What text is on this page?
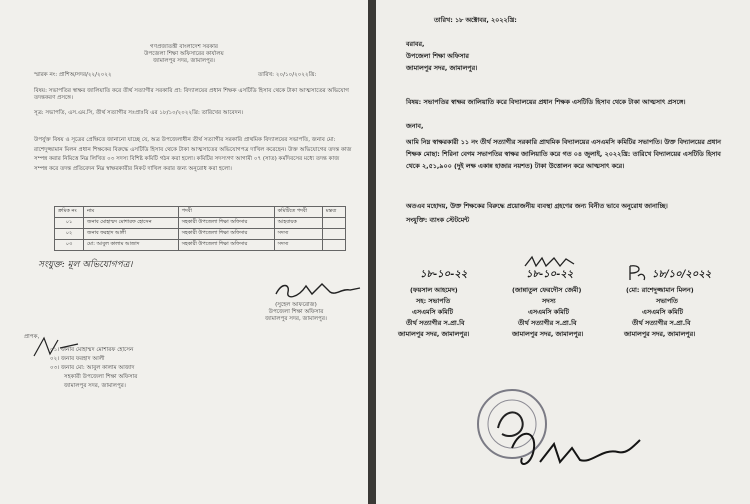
গণপ্রজাতন্ত্রী বাংলাদেশ সরকার
উপজেলা শিক্ষা অফিসারের কার্যালয়
জামালপুর সদর, জামালপুর।
স্মারক নং: প্রাশিঅ/সদর/২২/২০২২	তারিখ: ২০/১০/২০২২খ্রি:
বিষয়: সভাপতির স্বাক্ষর জালিয়াতি করে তীর্থ সত্যাগীর সরকারি প্রা: বিদ্যালয়ের প্রধান শিক্ষক এসটিডি হিসাব থেকে টাকা আত্মসাতের অভিযোগ তদন্তকরণ প্রসঙ্গে।
সূত্র: সভাপতি, এস.এম.সি, তীর্থ সত্যাগীর সঃপ্রাঃবি এর ১৮/১০/২০২২খ্রি: তারিখের আবেদন।
উপর্যুক্ত বিষয় ও সূত্রের প্রেক্ষিতে জানানো যাচ্ছে যে, অত্র উপজেলাধীন তীর্থ সত্যাগীর সরকারি প্রাথমিক বিদ্যালয়ের সভাপতি, জনাব মো: রাশেদুজ্জামান মিলন প্রধান শিক্ষকের বিরুদ্ধে এসটিডি হিসাব থেকে টাকা আত্মসাতের অভিযোগপত্র দাখিল করেছেন। উক্ত অভিযোগের তদন্ত কাজ সম্পন্ন করার নিমিত্তে নিম্ন লিখিত ০৩ সদস্য বিশিষ্ট কমিটি গঠন করা হলো। কমিটির সদস্যগণ আগামী ০৭ (সাত) কর্মদিবসের মধ্যে তদন্ত কাজ সম্পন্ন করে তদন্ত প্রতিবেদন নিম্ন স্বাক্ষরকারীর নিকট দাখিল করার জন্য অনুরোধ করা হলো।
ক্রমিক নং	নাম	পদবী	কমিটিতে পদবী	মন্তব্য
০১	জনাব মোহাম্মদ মোশারফ হোসেন	সহকারী উপজেলা শিক্ষা অফিসার	আহবায়ক	
০২	জনাব ফরহাদ আলী	সহকারী উপজেলা শিক্ষা অফিসার	সদস্য	
০৩	মো: আবুল কালাম আজাদ	সহকারী উপজেলা শিক্ষা অফিসার	সদস্য	
সংযুক্ত: মূল অভিযোগপত্র।
(সুহেল আফরোজ)
উপজেলা শিক্ষা অফিসার
জামালপুর সদর, জামালপুর।
প্রাপক,
০১। জনাব মোহাম্মদ মোশারফ হোসেন
০২। জনাব ফরহাদ আলী
০৩। জনাব মো: আবুল কালাম আজাদ
সহকারী উপজেলা শিক্ষা অফিসার
জামালপুর সদর, জামালপুর।
তারিখ: ১৮ অক্টোবর, ২০২২খ্রি:
বরাবর,
উপজেলা শিক্ষা অফিসার
জামালপুর সদর, জামালপুর।
বিষয়: সভাপতির স্বাক্ষর জালিয়াতি করে বিদ্যালয়ের প্রধান শিক্ষক এসটিডি হিসাব থেকে টাকা আত্মসাৎ প্রসঙ্গে।
জনাব,
আমি নিম্ন স্বাক্ষরকারী ১১ নং তীর্থ সত্যাগীর সরকারি প্রাথমিক বিদ্যালয়ের এসএমসি কমিটির সভাপতি। উক্ত বিদ্যালয়ের প্রধান শিক্ষক মোছা: শিরিনা বেগম সভাপতির স্বাক্ষর জালিয়াতি করে গত ০৪ জুলাই, ২০২২খ্রি: তারিখে বিদ্যালয়ের এসটিডি হিসাব থেকে ২,৫১,৯০০ (দুই লক্ষ একান্ন হাজার নয়শত) টাকা উত্তোলন করে আত্মসাৎ করে।
অতএব মহোদয়, উক্ত শিক্ষকের বিরুদ্ধে প্রয়োজনীয় ব্যবস্থা গ্রহণের জন্য বিনীত ভাবে অনুরোধ জানাচ্ছি।
সংযুক্তি: ব্যাংক স্টেটমেন্ট
১৮-১০-২২
(ফয়সাল আহমেদ)
সহ: সভাপতি
এসএমসি কমিটি
তীর্থ সত্যাগীর স.প্রা.বি
জামালপুর সদর, জামালপুর।
১৮-১০-২২
(জান্নাতুল ফেরদৌস জেমী)
সদস্য
এসএমসি কমিটি
তীর্থ সত্যাগীর স.প্রা.বি
জামালপুর সদর, জামালপুর।
১৮/১০/২০২২
(মো: রাশেদুজ্জামান মিলন)
সভাপতি
এসএমসি কমিটি
তীর্থ সত্যাগীর স.প্রা.বি
জামালপুর সদর, জামালপুর।
